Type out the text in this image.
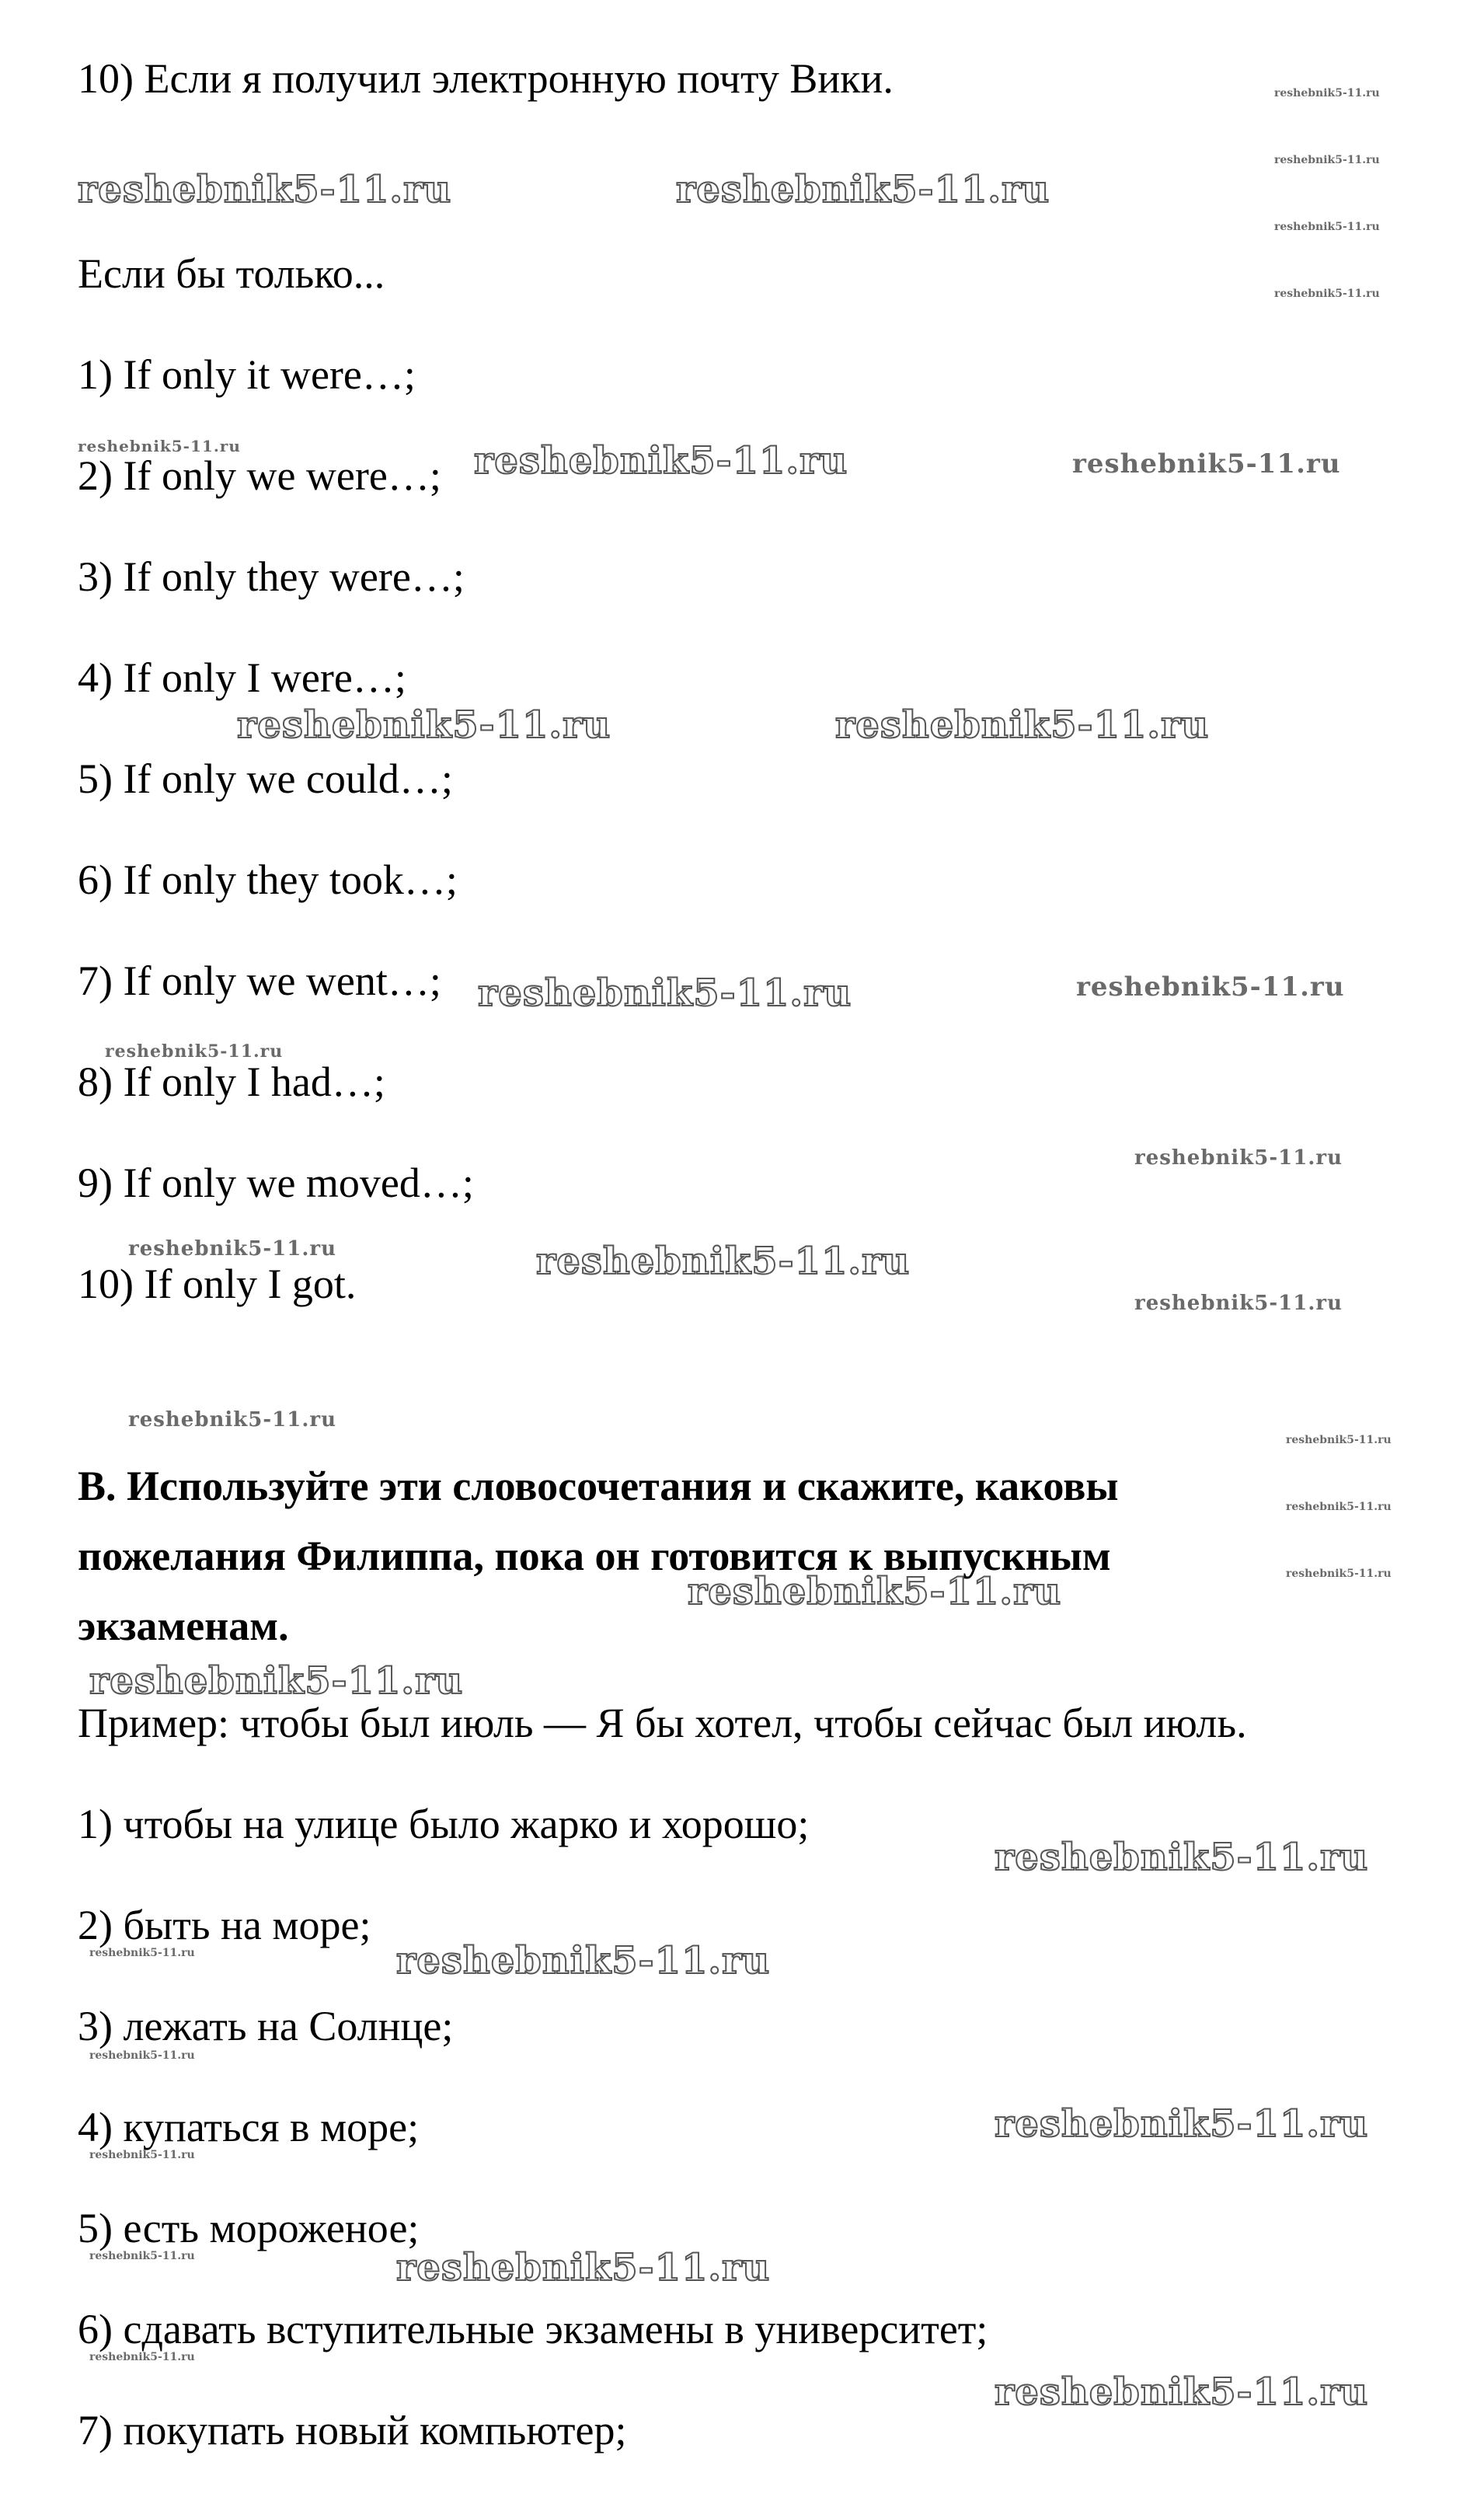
10) Если я получил электронную почту Вики.
Если бы только...
1) If only it were…;
2) If only we were…;
3) If only they were…;
4) If only I were…;
5) If only we could…;
6) If only they took…;
7) If only we went…;
8) If only I had…;
9) If only we moved…;
10) If only I got.
B. Используйте эти словосочетания и скажите, каковы
пожелания Филиппа, пока он готовится к выпускным
экзаменам.
Пример: чтобы был июль — Я бы хотел, чтобы сейчас был июль.
1) чтобы на улице было жарко и хорошо;
2) быть на море;
3) лежать на Солнце;
4) купаться в море;
5) есть мороженое;
6) сдавать вступительные экзамены в университет;
7) покупать новый компьютер;
reshebnik5-11.ru	reshebnik5-11.ru
reshebnik5-11.ru
reshebnik5-11.ru
reshebnik5-11.ru
reshebnik5-11.ru
reshebnik5-11.ru	reshebnik5-11.ru	reshebnik5-11.ru
reshebnik5-11.ru	reshebnik5-11.ru
reshebnik5-11.ru	reshebnik5-11.ru
reshebnik5-11.ru
reshebnik5-11.ru
reshebnik5-11.ru	reshebnik5-11.ru
reshebnik5-11.ru
reshebnik5-11.ru
reshebnik5-11.ru
reshebnik5-11.ru
reshebnik5-11.ru
reshebnik5-11.ru
reshebnik5-11.ru
reshebnik5-11.ru
reshebnik5-11.ru	reshebnik5-11.ru
reshebnik5-11.ru
reshebnik5-11.ru
reshebnik5-11.ru
reshebnik5-11.ru	reshebnik5-11.ru
reshebnik5-11.ru
reshebnik5-11.ru
